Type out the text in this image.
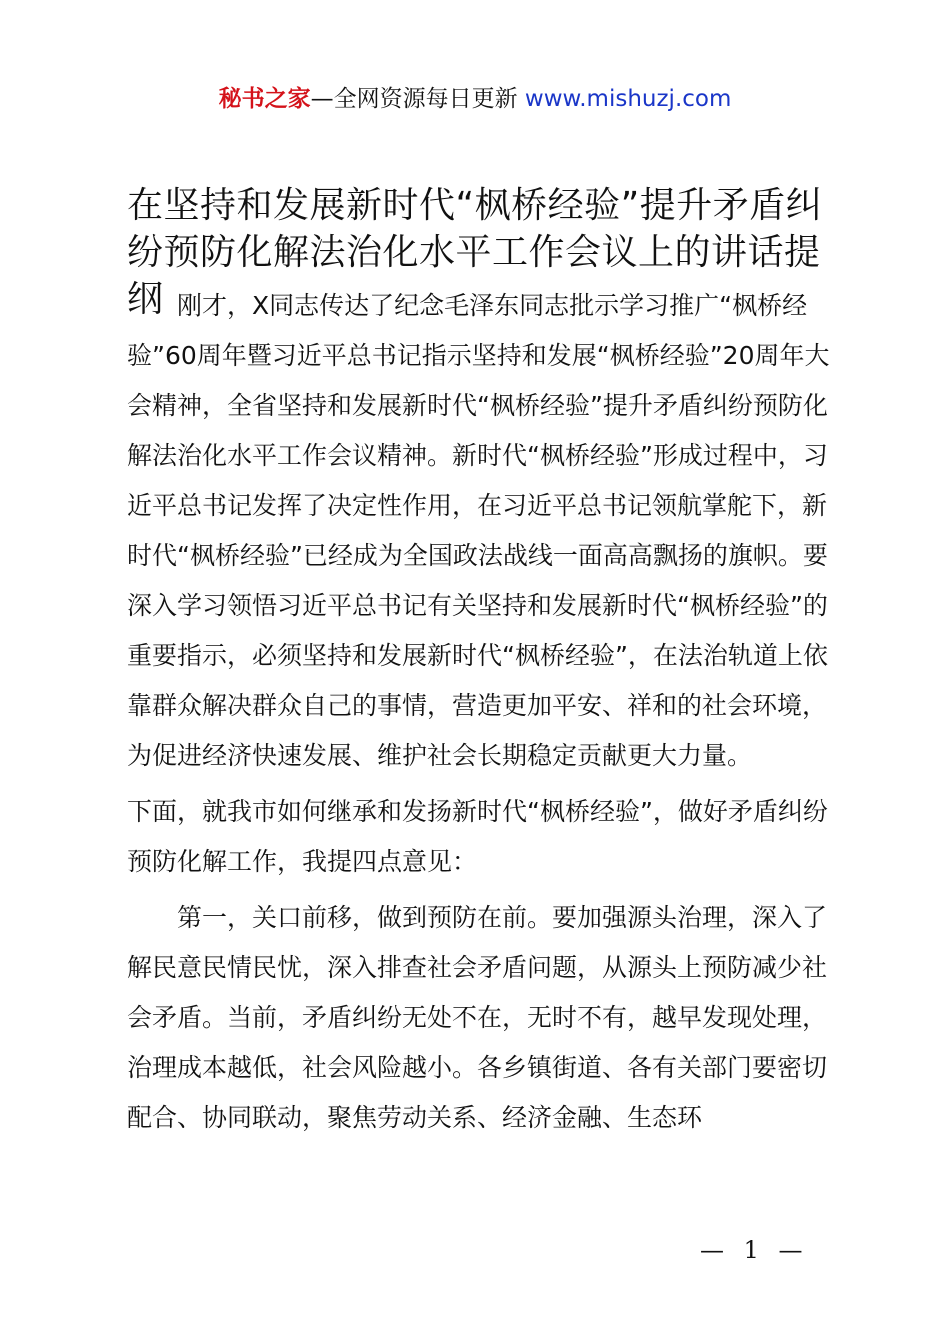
秘书之家—全网资源每日更新 www.mishuzj.com
在坚持和发展新时代“枫桥经验”提升矛盾纠纷预防化解法治化水平工作会议上的讲话提纲 刚才，X同志传达了纪念毛泽东同志批示学习推广“枫桥经验”60周年暨习近平总书记指示坚持和发展“枫桥经验”20周年大会精神，全省坚持和发展新时代“枫桥经验”提升矛盾纠纷预防化解法治化水平工作会议精神。新时代“枫桥经验”形成过程中，习近平总书记发挥了决定性作用，在习近平总书记领航掌舵下，新时代“枫桥经验”已经成为全国政法战线一面高高飘扬的旗帜。要深入学习领悟习近平总书记有关坚持和发展新时代“枫桥经验”的重要指示，必须坚持和发展新时代“枫桥经验”，在法治轨道上依靠群众解决群众自己的事情，营造更加平安、祥和的社会环境，为促进经济快速发展、维护社会长期稳定贡献更大力量。

下面，就我市如何继承和发扬新时代“枫桥经验”，做好矛盾纠纷预防化解工作，我提四点意见：

第一，关口前移，做到预防在前。要加强源头治理，深入了解民意民情民忧，深入排查社会矛盾问题，从源头上预防减少社会矛盾。当前，矛盾纠纷无处不在，无时不有，越早发现处理，治理成本越低，社会风险越小。各乡镇街道、各有关部门要密切配合、协同联动，聚焦劳动关系、经济金融、生态环

— 1 —
